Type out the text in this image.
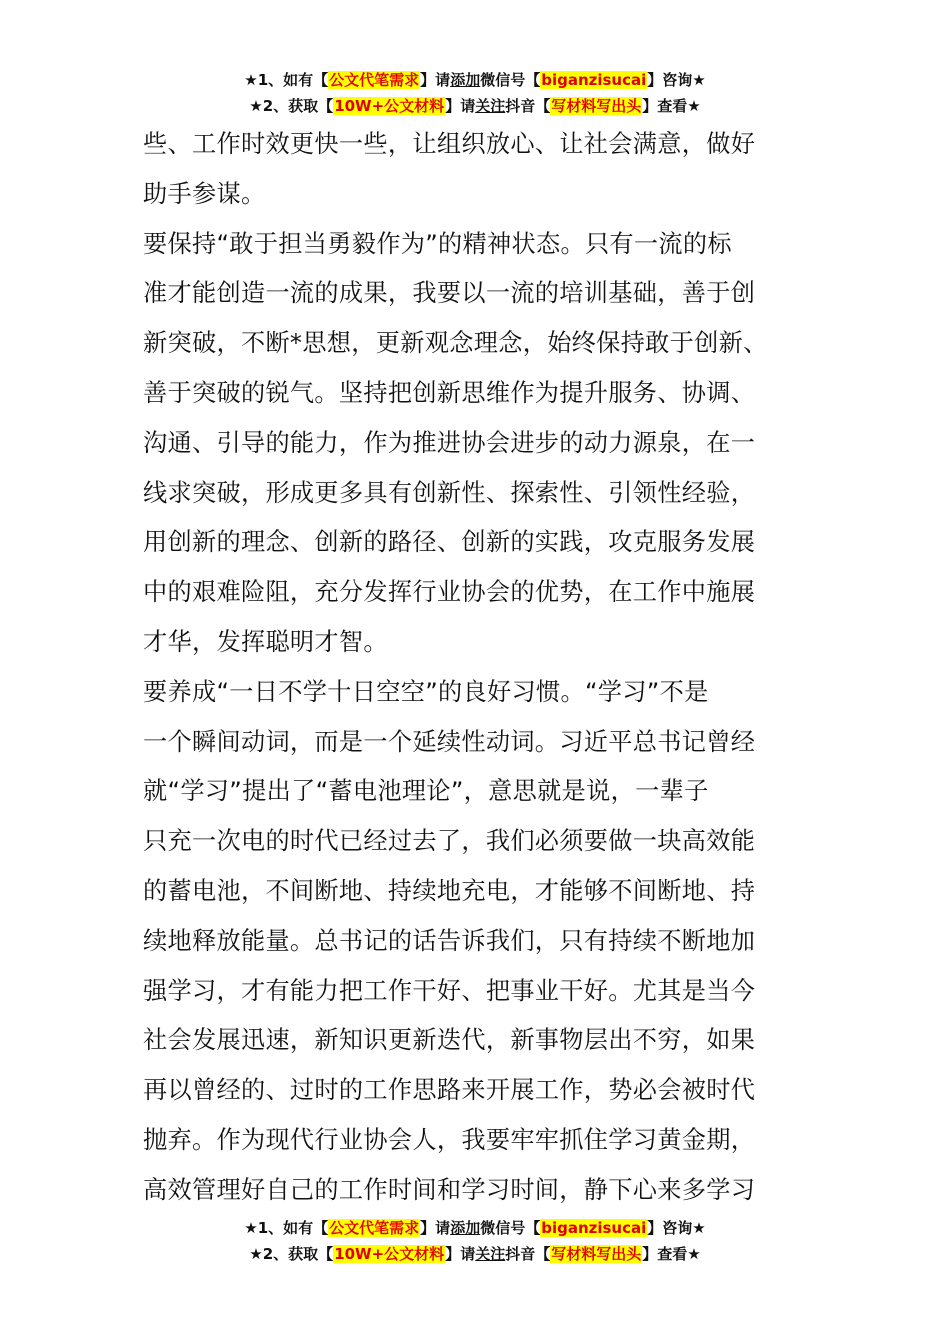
★1、如有【公文代笔需求】请添加微信号【biganzisucai】咨询★
★2、获取【10W+公文材料】请关注抖音【写材料写出头】查看★

些、工作时效更快一些，让组织放心、让社会满意，做好

助手参谋。

要保持“敢于担当勇毅作为”的精神状态。只有一流的标

准才能创造一流的成果，我要以一流的培训基础，善于创

新突破，不断*思想，更新观念理念，始终保持敢于创新、

善于突破的锐气。坚持把创新思维作为提升服务、协调、

沟通、引导的能力，作为推进协会进步的动力源泉，在一

线求突破，形成更多具有创新性、探索性、引领性经验，

用创新的理念、创新的路径、创新的实践，攻克服务发展

中的艰难险阻，充分发挥行业协会的优势，在工作中施展

才华，发挥聪明才智。

要养成“一日不学十日空空”的良好习惯。“学习”不是

一个瞬间动词，而是一个延续性动词。习近平总书记曾经

就“学习”提出了“蓄电池理论”，意思就是说，一辈子

只充一次电的时代已经过去了，我们必须要做一块高效能

的蓄电池，不间断地、持续地充电，才能够不间断地、持

续地释放能量。总书记的话告诉我们，只有持续不断地加

强学习，才有能力把工作干好、把事业干好。尤其是当今

社会发展迅速，新知识更新迭代，新事物层出不穷，如果

再以曾经的、过时的工作思路来开展工作，势必会被时代

抛弃。作为现代行业协会人，我要牢牢抓住学习黄金期，

高效管理好自己的工作时间和学习时间，静下心来多学习

★1、如有【公文代笔需求】请添加微信号【biganzisucai】咨询★
★2、获取【10W+公文材料】请关注抖音【写材料写出头】查看★
